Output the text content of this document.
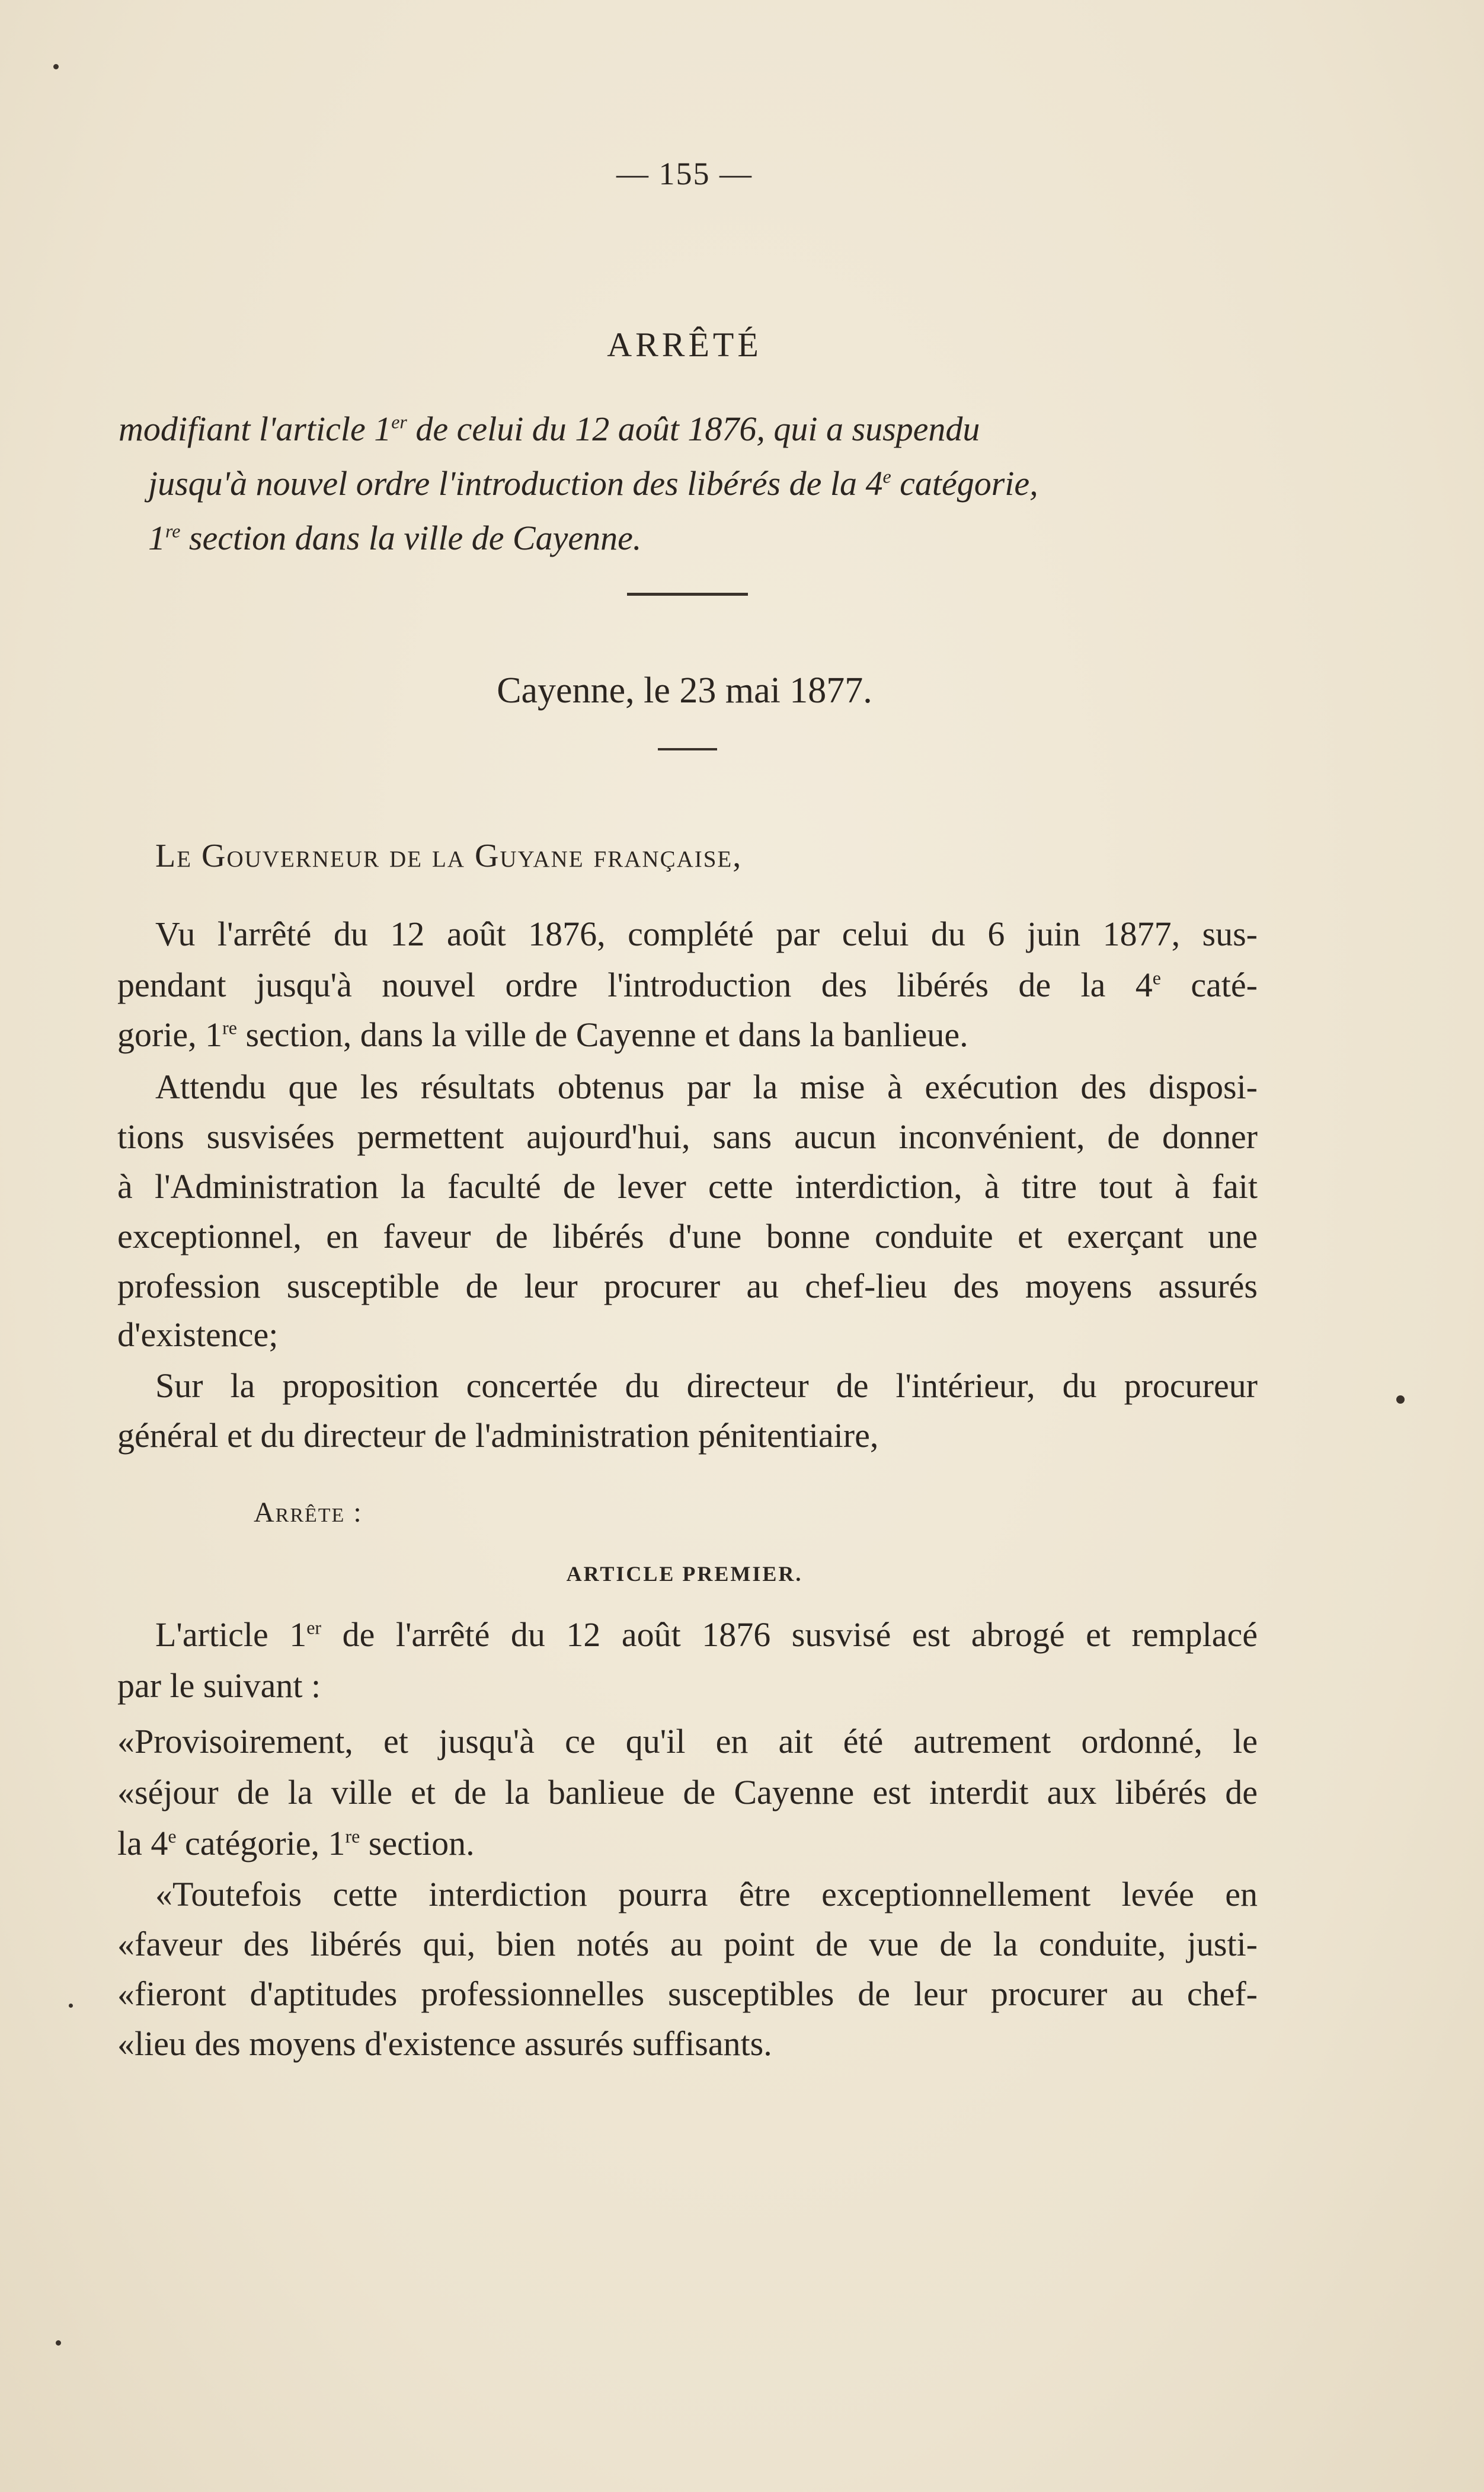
— 155 —
ARRÊTÉ
modifiant l'article 1er de celui du 12 août 1876, qui a suspendu
jusqu'à nouvel ordre l'introduction des libérés de la 4e catégorie,
1re section dans la ville de Cayenne.
Cayenne, le 23 mai 1877.
Le Gouverneur de la Guyane française,
Vu l'arrêté du 12 août 1876, complété par celui du 6 juin 1877, sus-
pendant jusqu'à nouvel ordre l'introduction des libérés de la 4e caté-
gorie, 1re section, dans la ville de Cayenne et dans la banlieue.
Attendu que les résultats obtenus par la mise à exécution des disposi-
tions susvisées permettent aujourd'hui, sans aucun inconvénient, de donner
à l'Administration la faculté de lever cette interdiction, à titre tout à fait
exceptionnel, en faveur de libérés d'une bonne conduite et exerçant une
profession susceptible de leur procurer au chef-lieu des moyens assurés
d'existence;
Sur la proposition concertée du directeur de l'intérieur, du procureur
général et du directeur de l'administration pénitentiaire,
Arrête :
ARTICLE PREMIER.
L'article 1er de l'arrêté du 12 août 1876 susvisé est abrogé et remplacé
par le suivant :
«Provisoirement, et jusqu'à ce qu'il en ait été autrement ordonné, le
«séjour de la ville et de la banlieue de Cayenne est interdit aux libérés de
la 4e catégorie, 1re section.
«Toutefois cette interdiction pourra être exceptionnellement levée en
«faveur des libérés qui, bien notés au point de vue de la conduite, justi-
«fieront d'aptitudes professionnelles susceptibles de leur procurer au chef-
«lieu des moyens d'existence assurés suffisants.
